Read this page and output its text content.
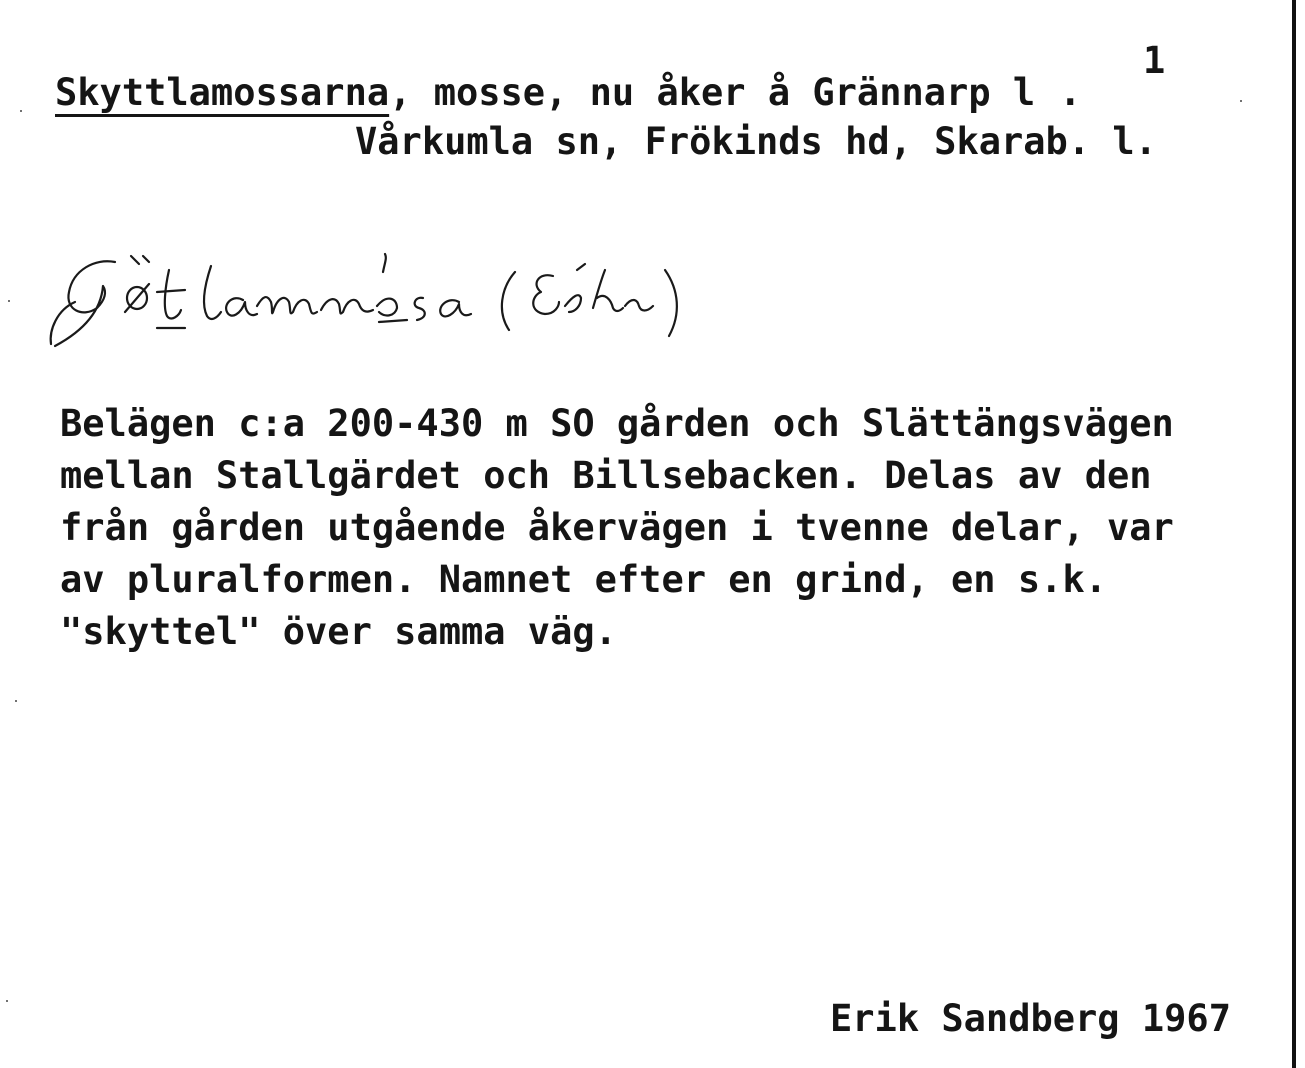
Skyttlamossarna, mosse, nu åker å Grännarp l .
1
Vårkumla sn, Frökinds hd, Skarab. l.
Belägen c:a 200-430 m SO gården och Slättängsvägen
mellan Stallgärdet och Billsebacken. Delas av den
från gården utgående åkervägen i tvenne delar, var
av pluralformen. Namnet efter en grind, en s.k.
"skyttel" över samma väg.
Erik Sandberg 1967
